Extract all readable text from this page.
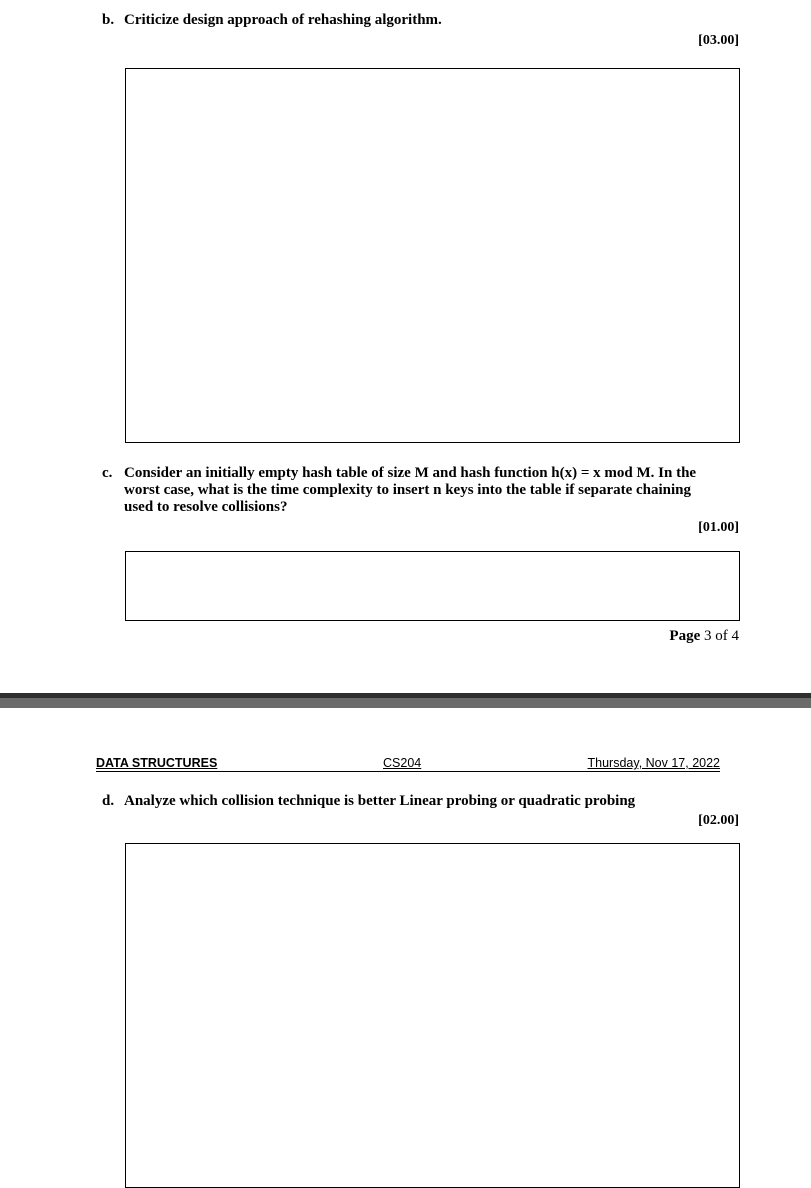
b. Criticize design approach of rehashing algorithm.
[03.00]
c. Consider an initially empty hash table of size M and hash function h(x) = x mod M. In the
worst case, what is the time complexity to insert n keys into the table if separate chaining
used to resolve collisions?
[01.00]
Page 3 of 4
DATA STRUCTURES	CS204	Thursday, Nov 17, 2022
d. Analyze which collision technique is better Linear probing or quadratic probing
[02.00]
